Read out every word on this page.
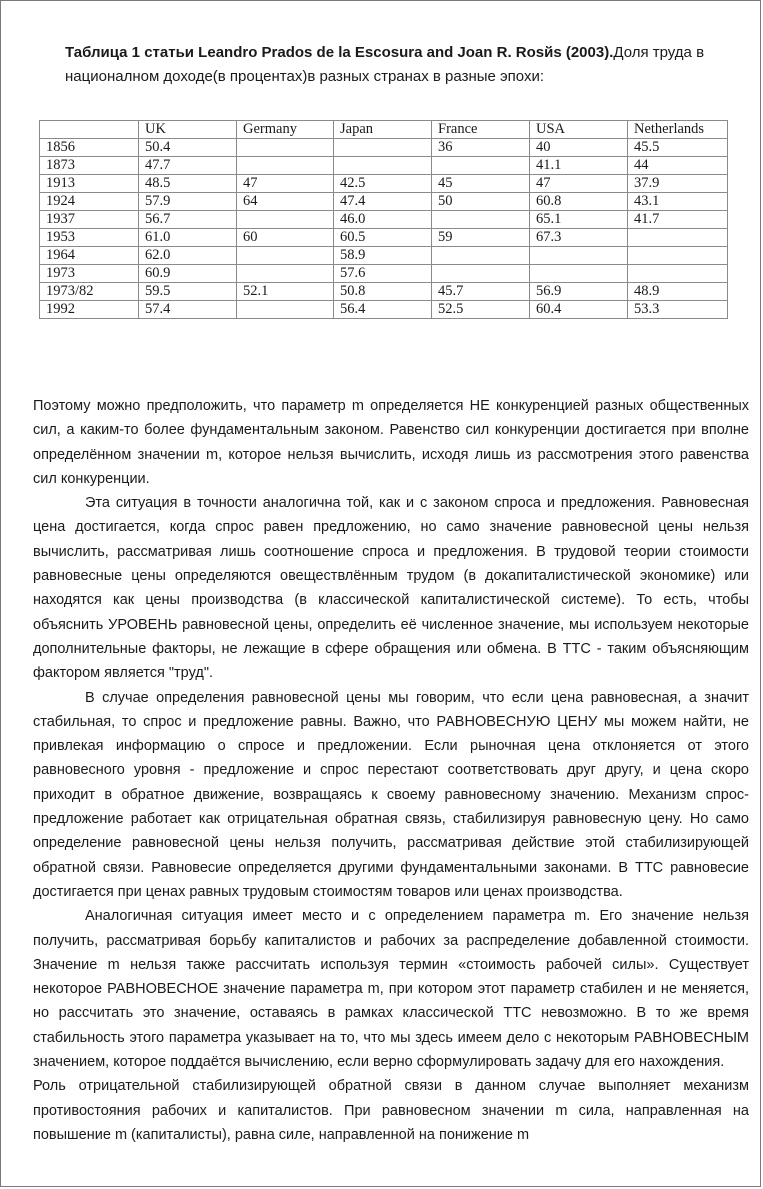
Таблица 1 статьи Leandro Prados de la Escosura and Joan R. Rosйs (2003).Доля труда в националном доходе(в процентах)в разных странах в разные эпохи:
	UK	Germany	Japan	France	USA	Netherlands
1856	50.4			36	40	45.5
1873	47.7				41.1	44
1913	48.5	47	42.5	45	47	37.9
1924	57.9	64	47.4	50	60.8	43.1
1937	56.7		46.0		65.1	41.7
1953	61.0	60	60.5	59	67.3	
1964	62.0		58.9			
1973	60.9		57.6			
1973/82	59.5	52.1	50.8	45.7	56.9	48.9
1992	57.4		56.4	52.5	60.4	53.3

Поэтому можно предположить, что параметр m определяется НЕ конкуренцией разных общественных сил, а каким-то более фундаментальным законом. Равенство сил конкуренции достигается при вполне определённом значении m, которое нельзя вычислить, исходя лишь из рассмотрения этого равенства сил конкуренции.

Эта ситуация в точности аналогична той, как и с законом спроса и предложения. Равновесная цена достигается, когда спрос равен предложению, но само значение равновесной цены нельзя вычислить, рассматривая лишь соотношение спроса и предложения. В трудовой теории стоимости равновесные цены определяются овеществлённым трудом (в докапиталистической экономике) или находятся как цены производства (в классической капиталистической системе). То есть, чтобы объяснить УРОВЕНЬ равновесной цены, определить её численное значение, мы используем некоторые дополнительные факторы, не лежащие в сфере обращения или обмена. В ТТС - таким объясняющим фактором является "труд".

В случае определения равновесной цены мы говорим, что если цена равновесная, а значит стабильная, то спрос и предложение равны. Важно, что РАВНОВЕСНУЮ ЦЕНУ мы можем найти, не привлекая информацию о спросе и предложении. Если рыночная цена отклоняется от этого равновесного уровня - предложение и спрос перестают соответствовать друг другу, и цена скоро приходит в обратное движение, возвращаясь к своему равновесному значению. Механизм спрос-предложение работает как отрицательная обратная связь, стабилизируя равновесную цену. Но само определение равновесной цены нельзя получить, рассматривая действие этой стабилизирующей обратной связи. Равновесие определяется другими фундаментальными законами. В ТТС равновесие достигается при ценах равных трудовым стоимостям товаров или ценах производства.

Аналогичная ситуация имеет место и с определением параметра m. Его значение нельзя получить, рассматривая борьбу капиталистов и рабочих за распределение добавленной стоимости. Значение m нельзя также рассчитать используя термин «стоимость рабочей силы». Существует некоторое РАВНОВЕСНОЕ значение параметра m, при котором этот параметр стабилен и не меняется, но рассчитать это значение, оставаясь в рамках классической ТТС невозможно. В то же время стабильность этого параметра указывает на то, что мы здесь имеем дело с некоторым РАВНОВЕСНЫМ значением, которое поддаётся вычислению, если верно сформулировать задачу для его нахождения.

Роль отрицательной стабилизирующей обратной связи в данном случае выполняет механизм противостояния рабочих и капиталистов. При равновесном значении m сила, направленная на повышение m (капиталисты), равна силе, направленной на понижение m
